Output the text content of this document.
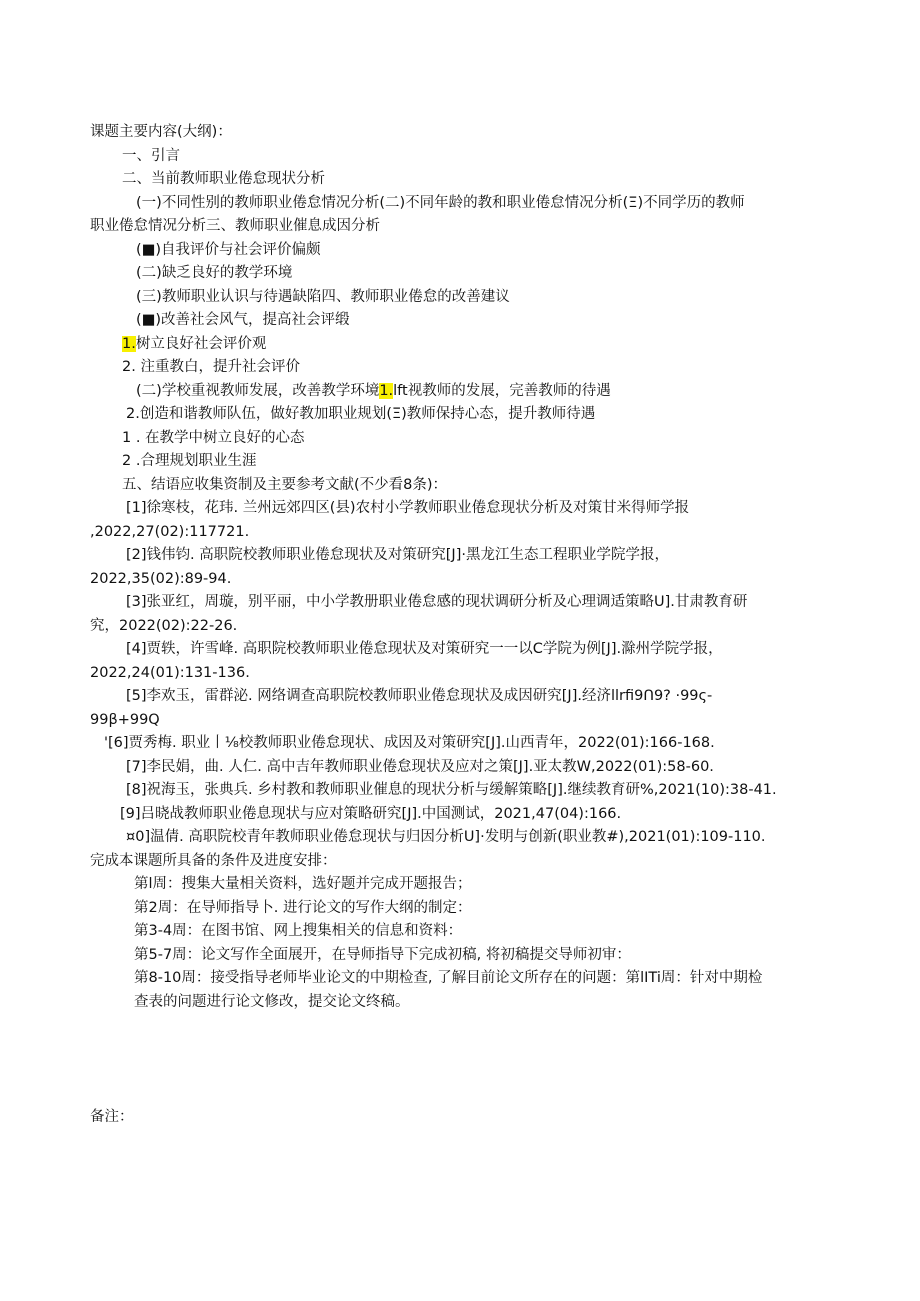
课题主要内容(大纲)：
一、引言
二、当前教师职业倦怠现状分析
(一)不同性别的教师职业倦怠情况分析(二)不同年龄的教和职业倦怠情况分析(Ξ)不同学历的教师
职业倦怠情况分析三、教师职业催息成因分析
(■)自我评价与社会评价偏颇
(二)缺乏良好的教学环境
(三)教师职业认识与待遇缺陷四、教师职业倦怠的改善建议
(■)改善社会风气，提高社会评缎
1.树立良好社会评价观
2. 注重教白，提升社会评价
(二)学校重视教师发展，改善教学环境1.lft视教师的发展，完善教师的待遇
2.创造和谐教师队伍，做好教加职业规划(Ξ)教师保持心态，提升教师待遇
1 . 在教学中树立良好的心态
2 .合理规划职业生涯
五、结语应收集资制及主要参考文献(不少看8条)：
[1]徐寒枝，花玮. 兰州远郊四区(县)农村小学教师职业倦怠现状分析及对策甘米得师学报
,2022,27(02):117721.
[2]钱伟钧. 高职院校教师职业倦怠现状及对策研究[J]·黑龙江生态工程职业学院学报，
2022,35(02):89-94.
[3]张亚红，周璇，别平丽，中小学教册职业倦怠感的现状调研分析及心理调适策略U].甘肃教育研
究，2022(02):22-26.
[4]贾轶，许雪峰. 高职院校教师职业倦怠现状及对策研究一一以C学院为例[J].滁州学院学报，
2022,24(01):131-136.
[5]李欢玉，雷群泌. 网络调查高职院校教师职业倦怠现状及成因研究[J].经济llrfi9Ո9? ·99ς-
99β+99Q
'[6]贾秀梅. 职业丨⅛校教师职业倦怠现状、成因及对策研究[J].山西青年，2022(01):166-168.
[7]李民娟，曲. 人仁. 高中吉年教师职业倦怠现状及应对之策[J].亚太教W,2022(01):58-60.
[8]祝海玉，张典兵. 乡村教和教师职业催息的现状分析与缓解策略[J].继续教育研%,2021(10):38-41.
[9]吕晓战教师职业倦息现状与应对策略研究[J].中国测试，2021,47(04):166.
¤0]温倩. 高职院校青年教师职业倦怠现状与归因分析U]·发明与创新(职业教#),2021(01):109-110.
完成本课题所具备的条件及进度安排：
第l周：搜集大量相关资料，选好题并完成开题报告；
第2周：在导师指导卜. 进行论文的写作大纲的制定：
第3-4周：在图书馆、网上搜集相关的信息和资料：
第5-7周：论文写作全面展开，在导师指导下完成初稿, 将初稿提交导师初审：
第8-10周：接受指导老师毕业论文的中期检查, 了解目前论文所存在的问题：第lITi周：针对中期检
查表的问题进行论文修改，提交论文终稿。
备注：
